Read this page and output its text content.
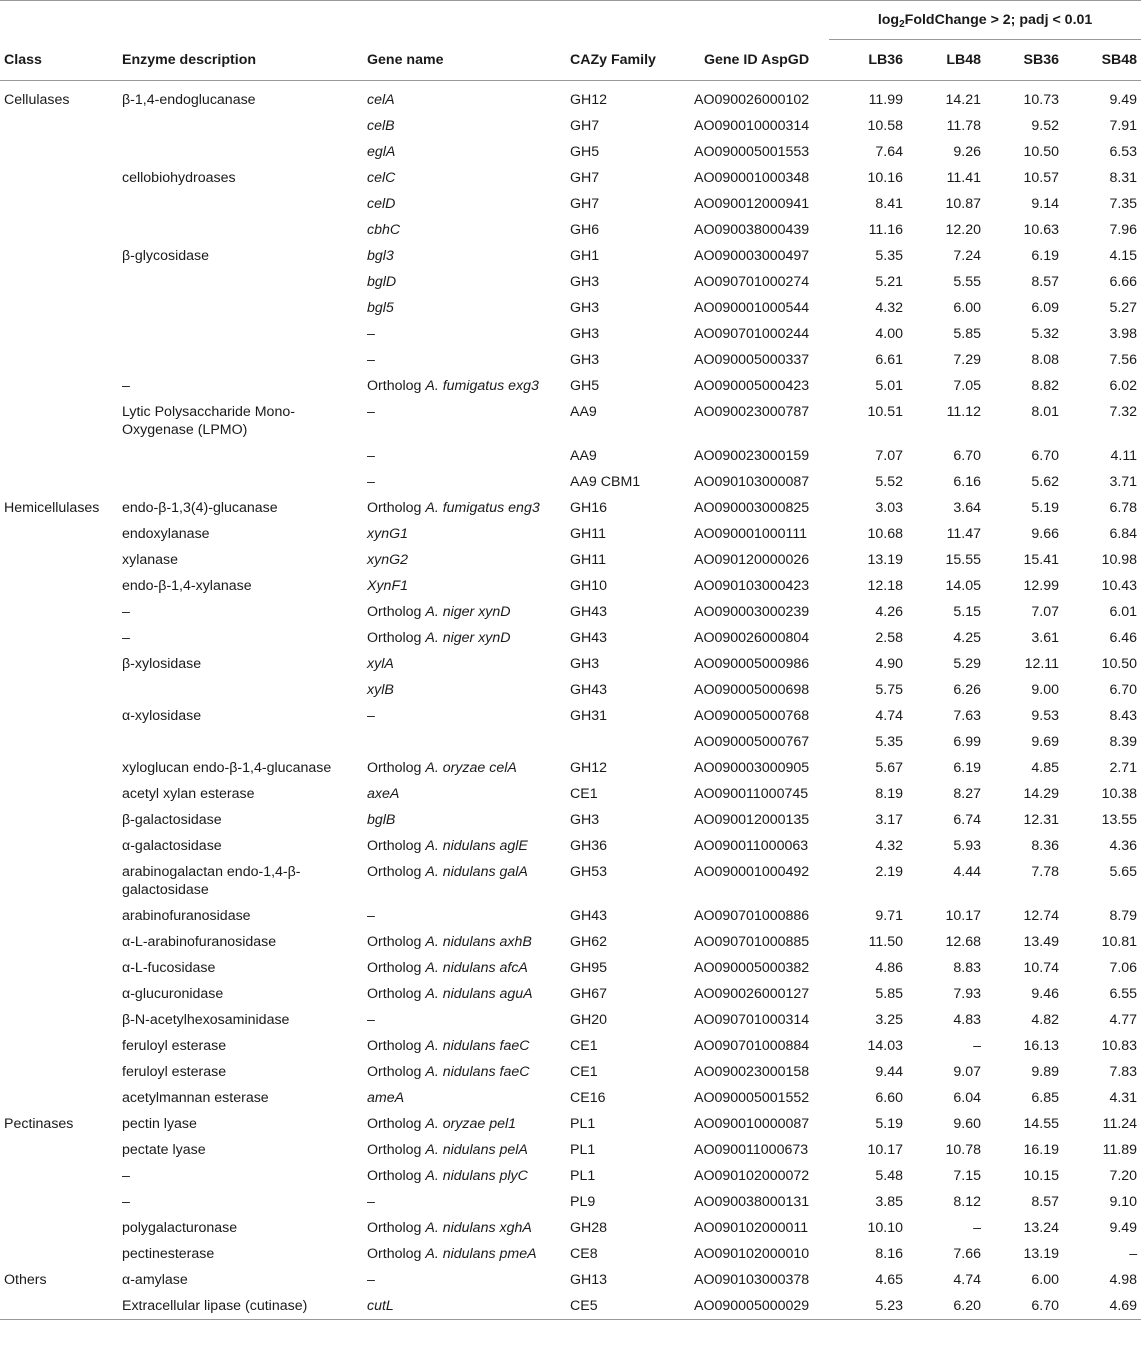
					$\log_2FoldChange > 2$; padj < 0.01			
Class	Enzyme description	Gene name	CAZy Family	Gene ID AspGD	LB36	LB48	SB36	SB48
Cellulases	β-1,4-endoglucanase	celA	GH12	AO090026000102	11.99	14.21	10.73	9.49
		celB	GH7	AO090010000314	10.58	11.78	9.52	7.91
		eglA	GH5	AO090005001553	7.64	9.26	10.50	6.53
	cellobiohydroases	celC	GH7	AO090001000348	10.16	11.41	10.57	8.31
		celD	GH7	AO090012000941	8.41	10.87	9.14	7.35
		cbhC	GH6	AO090038000439	11.16	12.20	10.63	7.96
	β-glycosidase	bgl3	GH1	AO090003000497	5.35	7.24	6.19	4.15
		bglD	GH3	AO090701000274	5.21	5.55	8.57	6.66
		bgl5	GH3	AO090001000544	4.32	6.00	6.09	5.27
		–	GH3	AO090701000244	4.00	5.85	5.32	3.98
		–	GH3	AO090005000337	6.61	7.29	8.08	7.56
	–	Ortholog A. fumigatus exg3	GH5	AO090005000423	5.01	7.05	8.82	6.02
	Lytic Polysaccharide Mono-Oxygenase (LPMO)	–	AA9	AO090023000787	10.51	11.12	8.01	7.32
		–	AA9	AO090023000159	7.07	6.70	6.70	4.11
		–	AA9 CBM1	AO090103000087	5.52	6.16	5.62	3.71
Hemicellulases	endo-β-1,3(4)-glucanase	Ortholog A. fumigatus eng3	GH16	AO090003000825	3.03	3.64	5.19	6.78
	endoxylanase	xynG1	GH11	AO090001000111	10.68	11.47	9.66	6.84
	xylanase	xynG2	GH11	AO090120000026	13.19	15.55	15.41	10.98
	endo-β-1,4-xylanase	XynF1	GH10	AO090103000423	12.18	14.05	12.99	10.43
	–	Ortholog A. niger xynD	GH43	AO090003000239	4.26	5.15	7.07	6.01
	–	Ortholog A. niger xynD	GH43	AO090026000804	2.58	4.25	3.61	6.46
	β-xylosidase	xylA	GH3	AO090005000986	4.90	5.29	12.11	10.50
		xylB	GH43	AO090005000698	5.75	6.26	9.00	6.70
	α-xylosidase	–	GH31	AO090005000768	4.74	7.63	9.53	8.43
				AO090005000767	5.35	6.99	9.69	8.39
	xyloglucan endo-β-1,4-glucanase	Ortholog A. oryzae celA	GH12	AO090003000905	5.67	6.19	4.85	2.71
	acetyl xylan esterase	axeA	CE1	AO090011000745	8.19	8.27	14.29	10.38
	β-galactosidase	bglB	GH3	AO090012000135	3.17	6.74	12.31	13.55
	α-galactosidase	Ortholog A. nidulans aglE	GH36	AO090011000063	4.32	5.93	8.36	4.36
	arabinogalactan endo-1,4-β-galactosidase	Ortholog A. nidulans galA	GH53	AO090001000492	2.19	4.44	7.78	5.65
	arabinofuranosidase	–	GH43	AO090701000886	9.71	10.17	12.74	8.79
	α-L-arabinofuranosidase	Ortholog A. nidulans axhB	GH62	AO090701000885	11.50	12.68	13.49	10.81
	α-L-fucosidase	Ortholog A. nidulans afcA	GH95	AO090005000382	4.86	8.83	10.74	7.06
	α-glucuronidase	Ortholog A. nidulans aguA	GH67	AO090026000127	5.85	7.93	9.46	6.55
	β-N-acetylhexosaminidase	–	GH20	AO090701000314	3.25	4.83	4.82	4.77
	feruloyl esterase	Ortholog A. nidulans faeC	CE1	AO090701000884	14.03	–	16.13	10.83
	feruloyl esterase	Ortholog A. nidulans faeC	CE1	AO090023000158	9.44	9.07	9.89	7.83
	acetylmannan esterase	ameA	CE16	AO090005001552	6.60	6.04	6.85	4.31
Pectinases	pectin lyase	Ortholog A. oryzae pel1	PL1	AO090010000087	5.19	9.60	14.55	11.24
	pectate lyase	Ortholog A. nidulans pelA	PL1	AO090011000673	10.17	10.78	16.19	11.89
	–	Ortholog A. nidulans plyC	PL1	AO090102000072	5.48	7.15	10.15	7.20
	–	–	PL9	AO090038000131	3.85	8.12	8.57	9.10
	polygalacturonase	Ortholog A. nidulans xghA	GH28	AO090102000011	10.10	–	13.24	9.49
	pectinesterase	Ortholog A. nidulans pmeA	CE8	AO090102000010	8.16	7.66	13.19	–
Others	α-amylase	–	GH13	AO090103000378	4.65	4.74	6.00	4.98
	Extracellular lipase (cutinase)	cutL	CE5	AO090005000029	5.23	6.20	6.70	4.69
